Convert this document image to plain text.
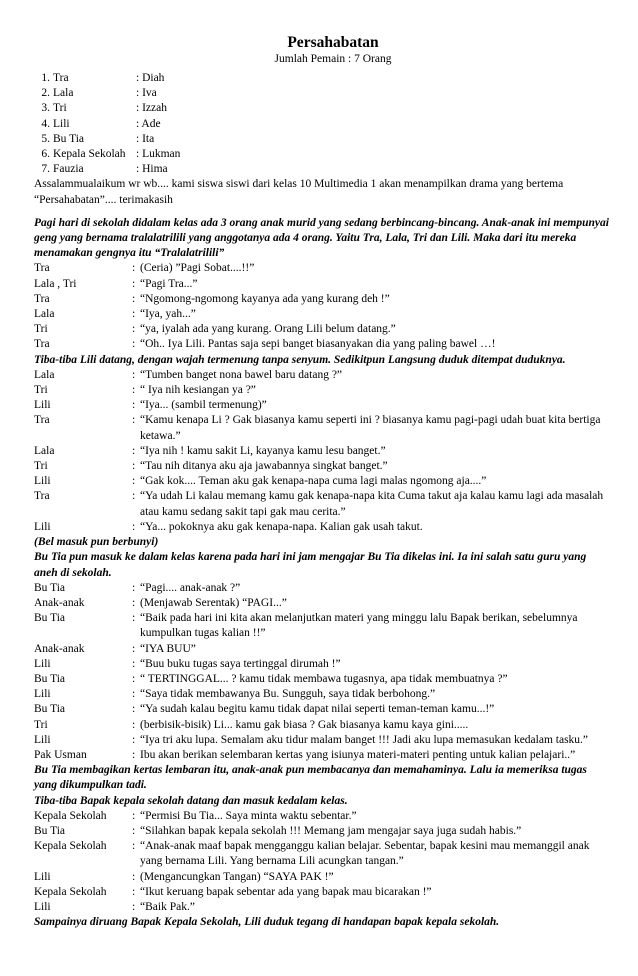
Persahabatan
Jumlah Pemain : 7 Orang
1. Tra	: Diah
2. Lala	: Iva
3. Tri	: Izzah
4. Lili	: Ade
5. Bu Tia	: Ita
6. Kepala Sekolah : Lukman
7. Fauzia	: Hima

Assalammualaikum wr wb.... kami siswa siswi dari kelas 10 Multimedia 1 akan menampilkan drama yang bertema “Persahabatan”.... terimakasih

Pagi hari di sekolah didalam kelas ada 3 orang anak murid yang sedang berbincang-bincang. Anak-anak ini mempunyai geng yang bernama tralalatrilili yang anggotanya ada 4 orang. Yaitu Tra, Lala, Tri dan Lili. Maka dari itu mereka menamakan gengnya itu “Tralalatrilili”

Tra	: (Ceria) ”Pagi Sobat....!!”
Lala , Tri	: “Pagi Tra...”
Tra	: “Ngomong-ngomong kayanya ada yang kurang deh !”
Lala	: “Iya, yah...”
Tri	: “ya, iyalah ada yang kurang. Orang Lili belum datang.”
Tra	: “Oh.. Iya Lili. Pantas saja sepi banget biasanyakan dia yang paling bawel …!

Tiba-tiba Lili datang, dengan wajah termenung tanpa senyum. Sedikitpun Langsung duduk ditempat duduknya.

Lala	: “Tumben banget nona bawel baru datang ?”
Tri	: “ Iya nih kesiangan ya ?”
Lili	: “Iya... (sambil termenung)”
Tra	: “Kamu kenapa Li ? Gak biasanya kamu seperti ini ? biasanya kamu pagi-pagi udah buat kita bertiga ketawa.”
Lala	: “Iya nih ! kamu sakit Li, kayanya kamu lesu banget.”
Tri	: “Tau nih ditanya aku aja jawabannya singkat banget.”
Lili	: “Gak kok.... Teman aku gak kenapa-napa cuma lagi malas ngomong aja....”
Tra	: “Ya udah Li kalau memang kamu gak kenapa-napa kita Cuma takut aja kalau kamu lagi ada masalah atau kamu sedang sakit tapi gak mau cerita.”
Lili	: “Ya... pokoknya aku gak kenapa-napa. Kalian gak usah takut.

(Bel masuk pun berbunyi)

Bu Tia pun masuk ke dalam kelas karena pada hari ini jam mengajar Bu Tia dikelas ini. Ia ini salah satu guru yang aneh di sekolah.

Bu Tia	: “Pagi.... anak-anak ?”
Anak-anak	: (Menjawab Serentak) “PAGI...”
Bu Tia	: “Baik pada hari ini kita akan melanjutkan materi yang minggu lalu Bapak berikan, sebelumnya kumpulkan tugas kalian !!”
Anak-anak	: “IYA BUU”
Lili	: “Buu buku tugas saya tertinggal dirumah !”
Bu Tia	: “ TERTINGGAL... ? kamu tidak membawa tugasnya, apa tidak membuatnya ?”
Lili	: “Saya tidak membawanya Bu. Sungguh, saya tidak berbohong.”
Bu Tia	: “Ya sudah kalau begitu kamu tidak dapat nilai seperti teman-teman kamu...!”
Tri	: (berbisik-bisik) Li... kamu gak biasa ? Gak biasanya kamu kaya gini.....
Lili	: “Iya tri aku lupa. Semalam aku tidur malam banget !!! Jadi aku lupa memasukan kedalam tasku.”
Pak Usman	: Ibu akan berikan selembaran kertas yang isiunya materi-materi penting untuk kalian pelajari..”

Bu Tia membagikan kertas lembaran itu, anak-anak pun membacanya dan memahaminya. Lalu ia memeriksa tugas yang dikumpulkan tadi.

Tiba-tiba Bapak kepala sekolah datang dan masuk kedalam kelas.

Kepala Sekolah	: “Permisi Bu Tia... Saya minta waktu sebentar.”
Bu Tia	: “Silahkan bapak kepala sekolah !!! Memang jam mengajar saya juga sudah habis.”
Kepala Sekolah	: “Anak-anak maaf bapak mengganggu kalian belajar. Sebentar, bapak kesini mau memanggil anak yang bernama Lili. Yang bernama Lili acungkan tangan.”
Lili	: (Mengancungkan Tangan) “SAYA PAK !”
Kepala Sekolah	: “Ikut keruang bapak sebentar ada yang bapak mau bicarakan !”
Lili	: “Baik Pak.”

Sampainya diruang Bapak Kepala Sekolah, Lili duduk tegang di handapan bapak kepala sekolah.
